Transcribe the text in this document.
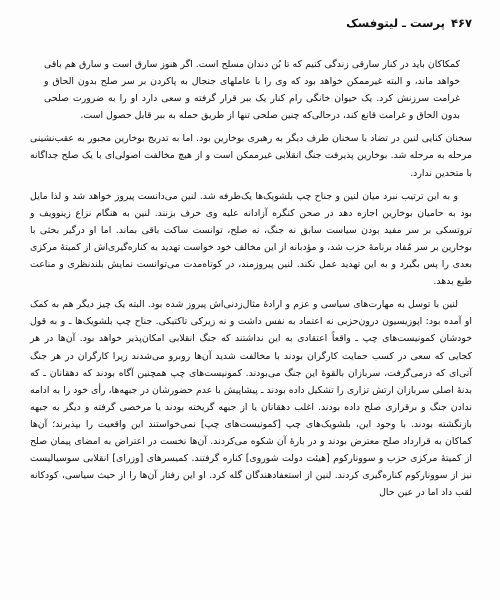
۴۶۷
پرست ـ لیتوفسک

کمکاکان باید در کنار سارقی زندگی کنیم که تا بُن دندان مسلح است. اگر هنوز سارق است و سارق هم باقی خواهد ماند، و البته غیرممکن خواهد بود که وی را با عاملهای جنجال به پاکردن بر سر صلح بدون الحاق و غرامت سرزنش کرد. یک حیوان خانگی رام کنار یک ببر قرار گرفته و سعی دارد او را به ضرورت صلحی بدون الحاق و غرامت قانع کند، درحالی‌که چنین صلحی تنها از طریق حمله به ببر قابل حصول است.

سخنان کنایی لنین در تضاد با سخنان طرف دیگر به رهبری بوخارین بود. اما به تدریج بوخارین مجبور به عقب‌نشینی مرحله به مرحله شد. بوخارین پذیرفت جنگ انقلابی غیرممکن است و از هیچ مخالفت اصولی‌ای با یک صلح جداگانه با متحدین ندارد.

و به این ترتیب نبرد میان لنین و جناح چپ بلشویک‌ها یک‌طرفه شد. لنین می‌دانست پیروز خواهد شد و لذا مایل بود به حامیان بوخارین اجازه دهد در صحن کنگره آزادانه علیه وی حرف بزنند. لنین به هنگام نزاع زینوویف و تروتسکی بر سر مفید بودن سیاست سابق نه جنگ، نه صلح، توانست ساکت باقی بماند. اما او درگیر بحثی با بوخارین بر سر مُفاد برنامهٔ حزب شد، و مؤدبانه از این مخالف خود خواست تهدید به کناره‌گیری‌اش از کمیتهٔ مرکزی بعدی را پس بگیرد و به این تهدید عمل نکند. لنین پیروزمند، در کوتاه‌مدت می‌توانست نمایش بلندنظری و مناعت طبع بدهد.

لنین با توسل به مهارت‌های سیاسی و عزم و ارادهٔ مثال‌زدنی‌اش پیروز شده بود. البته یک چیز دیگر هم به کمک او آمده بود: اپوزیسیون درون‌حزبی نه اعتماد به نفس داشت و نه زیرکی تاکتیکی. جناح چپ بلشویک‌ها ـ و به قول خودشان کمونیست‌های چپ ـ واقعاً اعتقادی به این نداشتند که جنگ انقلابی امکان‌پذیر خواهد بود. آن‌ها در هر کجایی که سعی در کسب حمایت کارگران بودند با مخالفت شدید آن‌ها روبرو می‌شدند زیرا کارگران در هر جنگ آتی‌ای که درمی‌گرفت، سربازان بالقوهٔ این جنگ می‌بودند. کمونیست‌های چپ همچنین آگاه بودند که دهقانان ـ که بدنهٔ اصلی سربازان ارتش تزاری را تشکیل داده بودند ـ پیشاپیش با عدم حضورشان در جبهه‌ها، رأی خود را به ادامه ندادن جنگ و برقراری صلح داده بودند. اغلب دهقانان یا از جبهه گریخته بودند یا مرخصی گرفته و دیگر به جبهه بازنگشته بودند. با وجود این، بلشویک‌های چپ [کمونیست‌های چپ] نمی‌خواستند این واقعیت را بپذیرند؛ آن‌ها کماکان به قرارداد صلح معترض بودند و در بارهٔ آن شکوه می‌کردند. آن‌ها نخست در اعتراض به امضای پیمان صلح از کمیتهٔ مرکزی حزب و سوونارکوم [هیئت دولت شوروی] کناره گرفتند. کمیسرهای [وزرای] انقلابی سوسیالیست نیز از سوونارکوم کناره‌گیری کردند. لنین از استعفادهندگان گله کرد. او این رفتار آن‌ها را از حیث سیاسی، کودکانه لقب داد اما در عین حال
